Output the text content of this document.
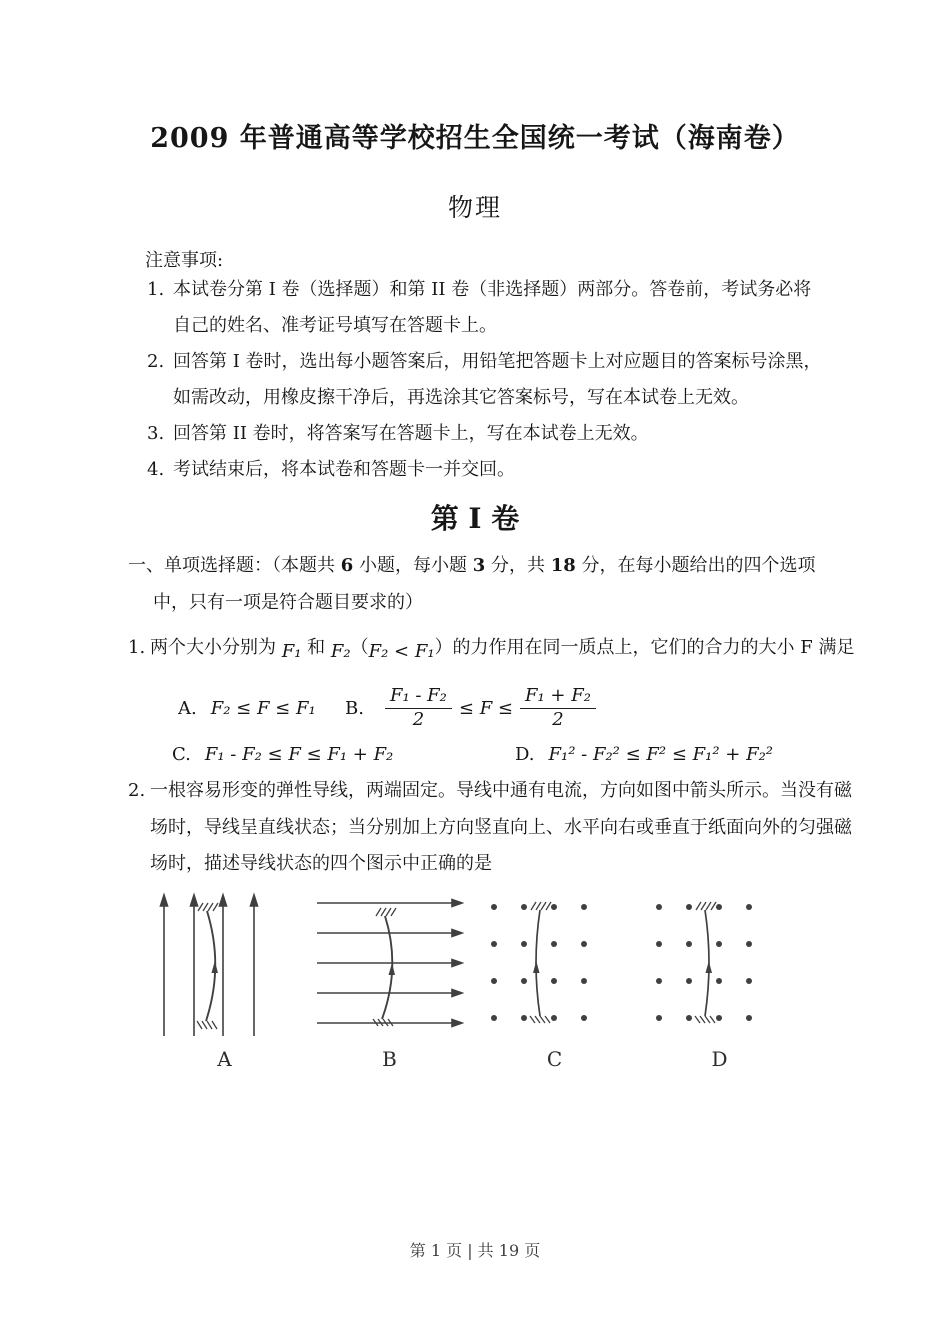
2009 年普通高等学校招生全国统一考试（海南卷）
物理
注意事项:
1. 本试卷分第 I 卷（选择题）和第 II 卷（非选择题）两部分。答卷前，考试务必将自己的姓名、准考证号填写在答题卡上。
2. 回答第 I 卷时，选出每小题答案后，用铅笔把答题卡上对应题目的答案标号涂黑，如需改动，用橡皮擦干净后，再选涂其它答案标号，写在本试卷上无效。
3. 回答第 II 卷时，将答案写在答题卡上，写在本试卷上无效。
4. 考试结束后，将本试卷和答题卡一并交回。
第 I 卷
一、单项选择题：（本题共 6 小题，每小题 3 分，共 18 分，在每小题给出的四个选项中，只有一项是符合题目要求的）
1. 两个大小分别为 F₁ 和 F₂（F₂ < F₁）的力作用在同一质点上，它们的合力的大小 F 满足
A. F₂ ≤ F ≤ F₁ B. $\frac{\text{F₁ - F₂}}{2} \le F \le \frac{\text{F₁ + F₂}}{2}$
C. F₁ - F₂ ≤ F ≤ F₁ + F₂	D. F₁² - F₂² ≤ F² ≤ F₁² + F₂²
2. 一根容易形变的弹性导线，两端固定。导线中通有电流，方向如图中箭头所示。当没有磁场时，导线呈直线状态；当分别加上方向竖直向上、水平向右或垂直于纸面向外的匀强磁场时，描述导线状态的四个图示中正确的是
A	B	C	D
第 1 页 | 共 19 页
